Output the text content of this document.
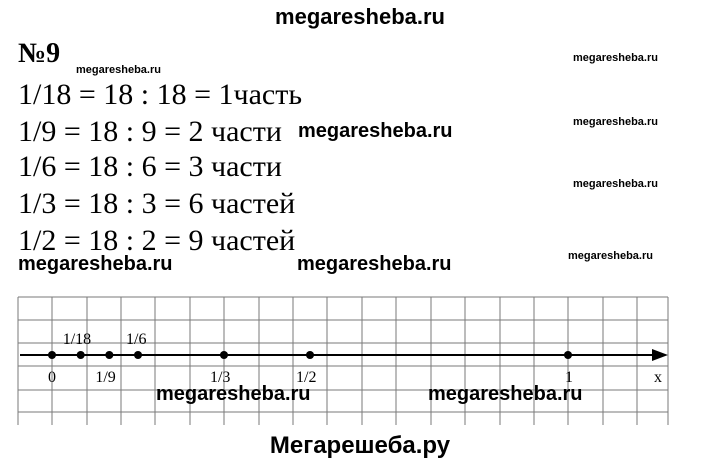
megaresheba.ru
№9
megaresheba.ru
megaresheba.ru
megaresheba.ru
megaresheba.ru
megaresheba.ru
1/18 = 18 : 18 = 1часть
1/9 = 18 : 9 = 2 части
1/6 = 18 : 6 = 3 части
1/3 = 18 : 3 = 6 частей
1/2 = 18 : 2 = 9 частей
megaresheba.ru
megaresheba.ru	megaresheba.ru
0
1/18
1/9
1/6
1/3	1/2	1	x
megaresheba.ru	megaresheba.ru
Мегарешеба.ру
